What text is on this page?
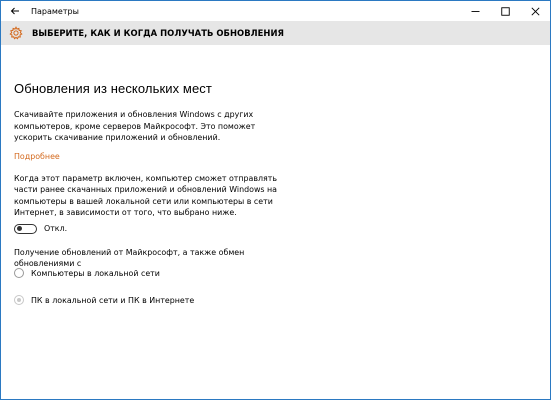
Параметры
ВЫБЕРИТЕ, КАК И КОГДА ПОЛУЧАТЬ ОБНОВЛЕНИЯ
Обновления из нескольких мест
Скачивайте приложения и обновления Windows с других компьютеров, кроме серверов Майкрософт. Это поможет ускорить скачивание приложений и обновлений.
Подробнее
Когда этот параметр включен, компьютер сможет отправлять части ранее скачанных приложений и обновлений Windows на компьютеры в вашей локальной сети или компьютеры в сети Интернет, в зависимости от того, что выбрано ниже.
Откл.
Получение обновлений от Майкрософт, а также обмен обновлениями с
Компьютеры в локальной сети
ПК в локальной сети и ПК в Интернете
